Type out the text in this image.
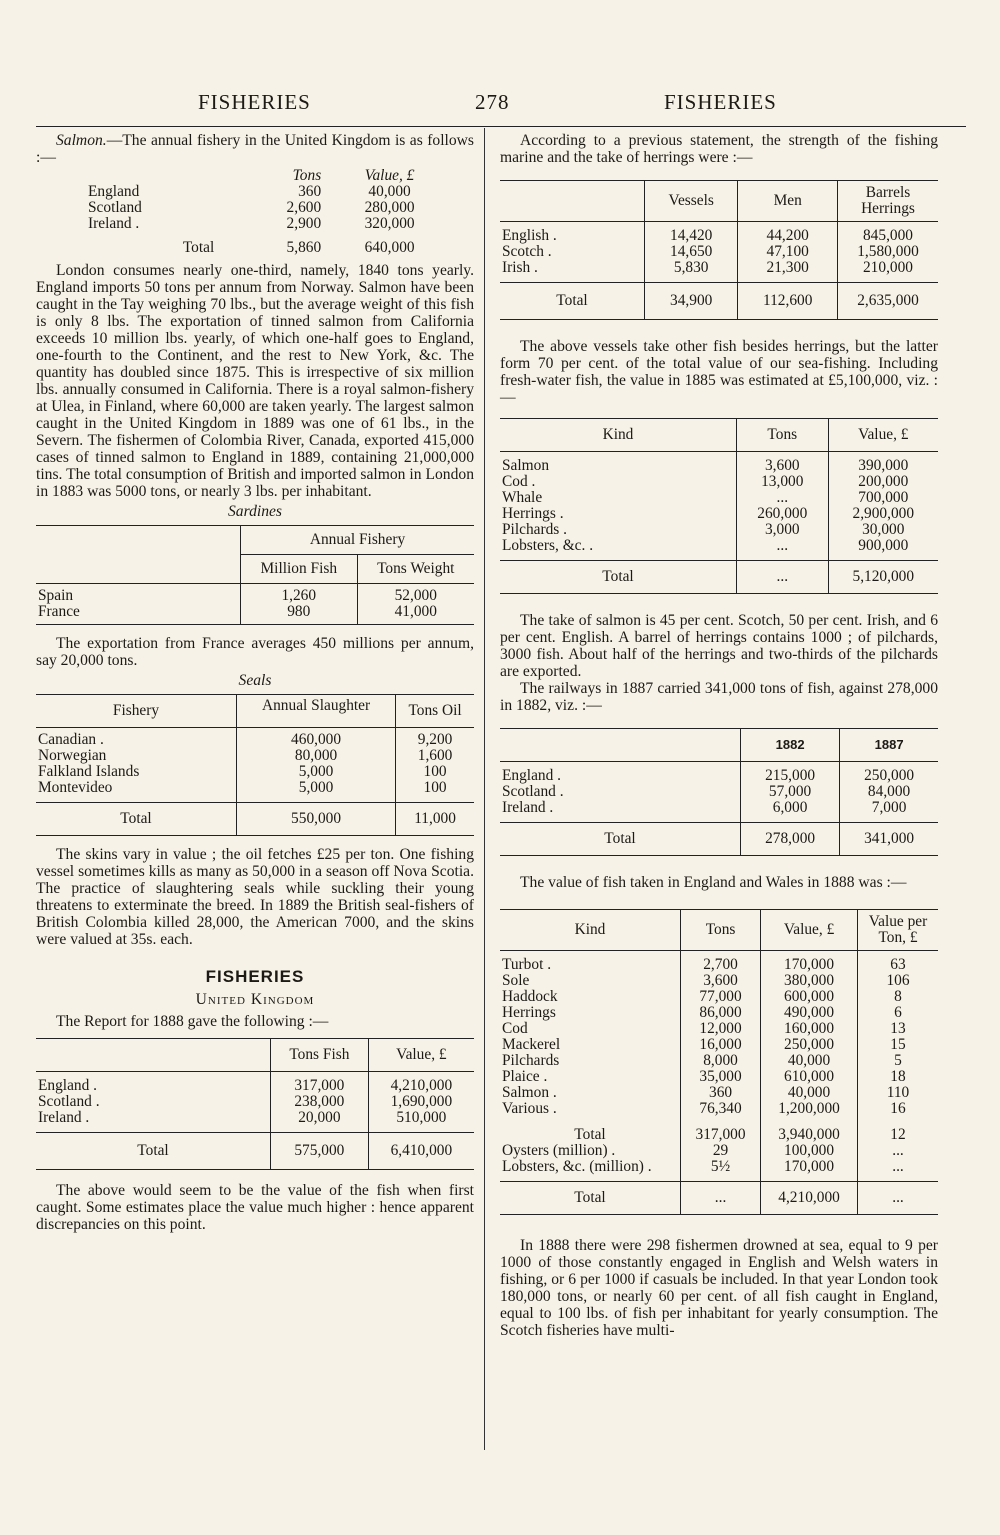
FISHERIES	278	FISHERIES

Salmon.—The annual fishery in the United Kingdom is as follows :—

	Tons	Value, £
England	360	40,000
Scotland	2,600	280,000
Ireland .	2,900	320,000

Total	5,860	640,000

London consumes nearly one-third, namely, 1840 tons yearly. England imports 50 tons per annum from Norway. Salmon have been caught in the Tay weighing 70 lbs., but the average weight of this fish is only 8 lbs. The exportation of tinned salmon from California exceeds 10 million lbs. yearly, of which one-half goes to England, one-fourth to the Continent, and the rest to New York, &c. The quantity has doubled since 1875. This is irrespective of six million lbs. annually consumed in California. There is a royal salmon-fishery at Ulea, in Finland, where 60,000 are taken yearly. The largest salmon caught in the United Kingdom in 1889 was one of 61 lbs., in the Severn. The fishermen of Colombia River, Canada, exported 415,000 cases of tinned salmon to England in 1889, containing 21,000,000 tins. The total consumption of British and imported salmon in London in 1883 was 5000 tons, or nearly 3 lbs. per inhabitant.

Sardines
	Annual Fishery	
	Million Fish	Tons Weight
Spain	1,260	52,000
France	980	41,000

The exportation from France averages 450 millions per annum, say 20,000 tons.

Seals
Fishery	Annual Slaughter	Tons Oil
Canadian .	460,000	9,200
Norwegian	80,000	1,600
Falkland Islands	5,000	100
Montevideo	5,000	100
Total	550,000	11,000

The skins vary in value ; the oil fetches £25 per ton. One fishing vessel sometimes kills as many as 50,000 in a season off Nova Scotia. The practice of slaughtering seals while suckling their young threatens to exterminate the breed. In 1889 the British seal-fishers of British Colombia killed 28,000, the American 7000, and the skins were valued at 35s. each.

FISHERIES
United Kingdom

The Report for 1888 gave the following :—

	Tons Fish	Value, £
England .	317,000	4,210,000
Scotland .	238,000	1,690,000
Ireland .	20,000	510,000
Total	575,000	6,410,000

The above would seem to be the value of the fish when first caught. Some estimates place the value much higher : hence apparent discrepancies on this point.

According to a previous statement, the strength of the fishing marine and the take of herrings were :—

	Vessels	Men	Barrels Herrings
English .	14,420	44,200	845,000
Scotch .	14,650	47,100	1,580,000
Irish .	5,830	21,300	210,000
Total	34,900	112,600	2,635,000

The above vessels take other fish besides herrings, but the latter form 70 per cent. of the total value of our sea-fishing. Including fresh-water fish, the value in 1885 was estimated at £5,100,000, viz. :—

Kind	Tons	Value, £
Salmon	3,600	390,000
Cod .	13,000	200,000
Whale	...	700,000
Herrings .	260,000	2,900,000
Pilchards .	3,000	30,000
Lobsters, &c. .	...	900,000
Total	...	5,120,000

The take of salmon is 45 per cent. Scotch, 50 per cent. Irish, and 6 per cent. English. A barrel of herrings contains 1000 ; of pilchards, 3000 fish. About half of the herrings and two-thirds of the pilchards are exported.

The railways in 1887 carried 341,000 tons of fish, against 278,000 in 1882, viz. :—

	1882	1887
England .	215,000	250,000
Scotland .	57,000	84,000
Ireland .	6,000	7,000
Total	278,000	341,000

The value of fish taken in England and Wales in 1888 was :—

Kind	Tons	Value, £	Value per Ton, £
Turbot .	2,700	170,000	63
Sole	3,600	380,000	106
Haddock	77,000	600,000	8
Herrings	86,000	490,000	6
Cod	12,000	160,000	13
Mackerel	16,000	250,000	15
Pilchards	8,000	40,000	5
Plaice .	35,000	610,000	18
Salmon .	360	40,000	110
Various .	76,340	1,200,000	16
Total	317,000	3,940,000	12
Oysters (million) .	29	100,000	...
Lobsters, &c. (million) .	5½	170,000	...
Total	...	4,210,000	...

In 1888 there were 298 fishermen drowned at sea, equal to 9 per 1000 of those constantly engaged in English and Welsh waters in fishing, or 6 per 1000 if casuals be included. In that year London took 180,000 tons, or nearly 60 per cent. of all fish caught in England, equal to 100 lbs. of fish per inhabitant for yearly consumption. The Scotch fisheries have multi-
